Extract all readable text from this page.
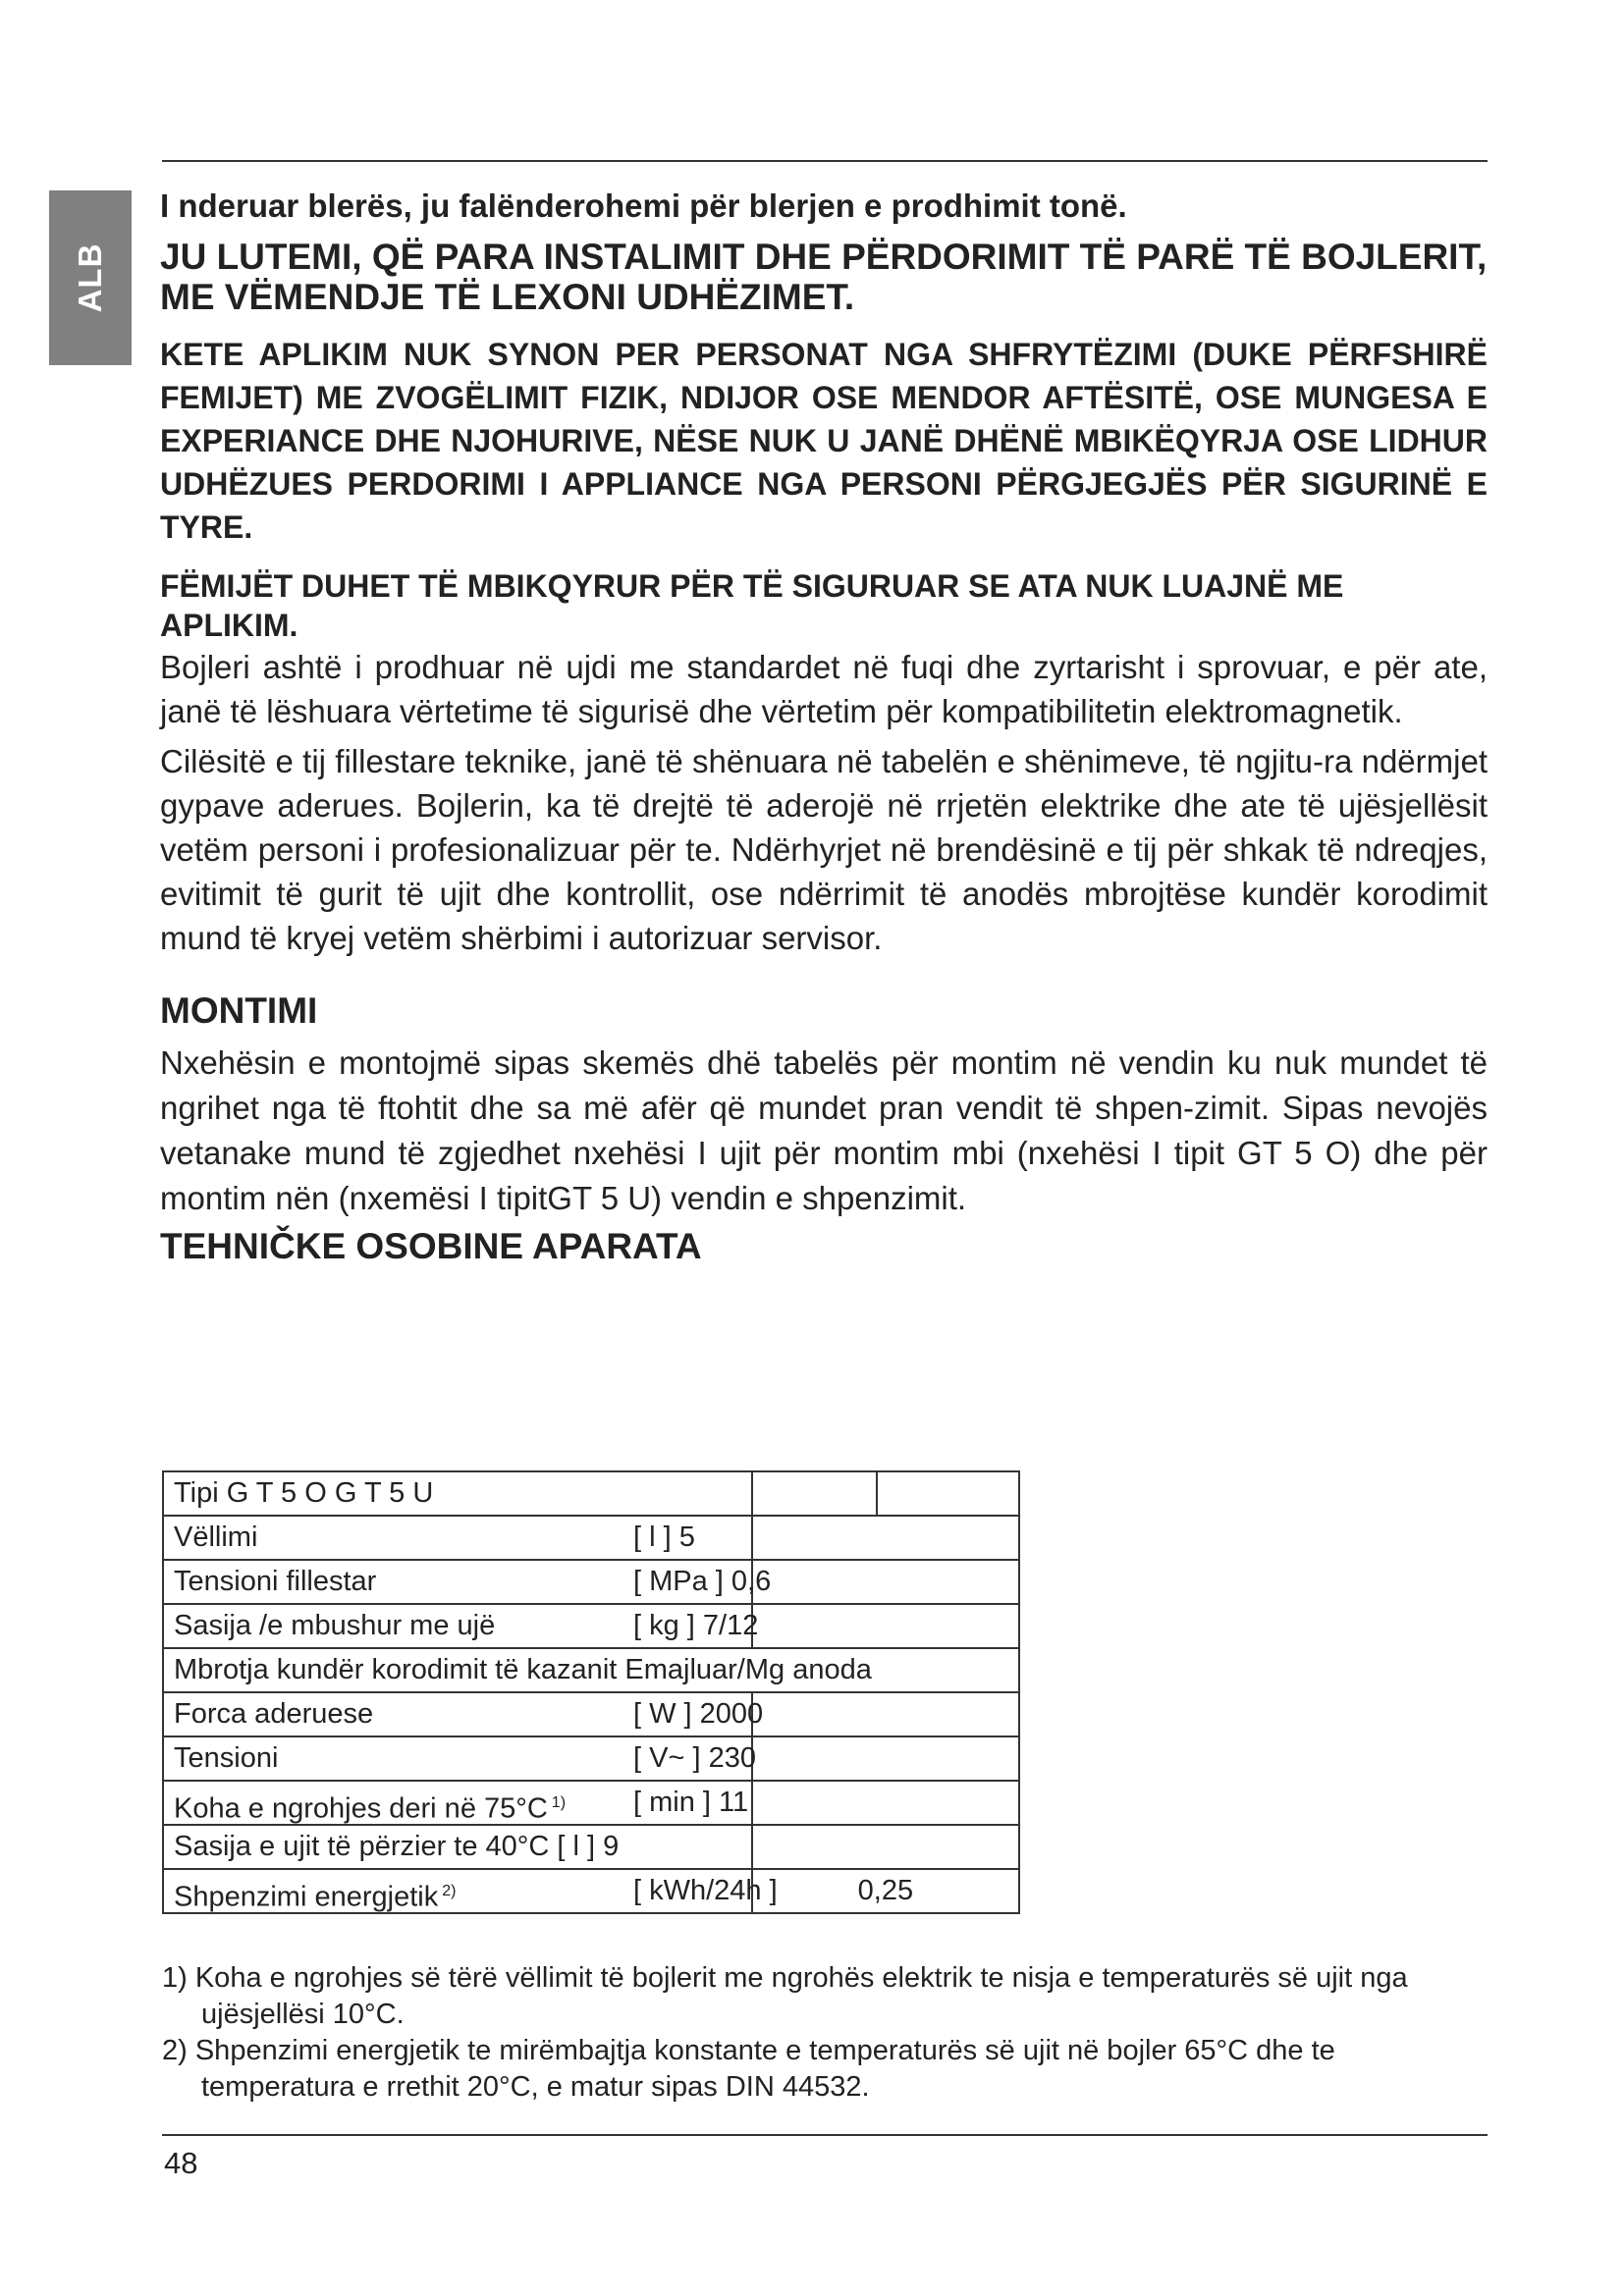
ALB

I nderuar blerës, ju falënderohemi për blerjen e prodhimit tonë.

JU LUTEMI, QË PARA INSTALIMIT DHE PËRDORIMIT TË PARË TË BOJLERIT, ME VËMENDJE TË LEXONI UDHËZIMET.

KETE APLIKIM NUK SYNON PER PERSONAT NGA SHFRYTËZIMI (DUKE PËRFSHIRË FEMIJET) ME ZVOGËLIMIT FIZIK, NDIJOR OSE MENDOR AFTËSITË, OSE MUNGESA E EXPERIANCE DHE NJOHURIVE, NËSE NUK U JANË DHËNË MBIKËQYRJA OSE LIDHUR UDHËZUES PERDORIMI I APPLIANCE NGA PERSONI PËRGJEGJËS PËR SIGURINË E TYRE.

FËMIJËT DUHET TË MBIKQYRUR PËR TË SIGURUAR SE ATA NUK LUAJNË ME APLIKIM.

Bojleri ashtë i prodhuar në ujdi me standardet në fuqi dhe zyrtarisht i sprovuar, e për ate, janë të lëshuara vërtetime të sigurisë dhe vërtetim për kompatibilitetin elektromagnetik.

Cilësitë e tij fillestare teknike, janë të shënuara në tabelën e shënimeve, të ngjitu-ra ndërmjet gypave aderues. Bojlerin, ka të drejtë të aderojë në rrjetën elektrike dhe ate të ujësjellësit vetëm personi i profesionalizuar për te. Ndërhyrjet në brendësinë e tij për shkak të ndreqjes, evitimit të gurit të ujit dhe kontrollit, ose ndërrimit të anodës mbrojtëse kundër korodimit mund të kryej vetëm shërbimi i autorizuar servisor.

MONTIMI

Nxehësin e montojmë sipas skemës dhë tabelës për montim në vendin ku nuk mundet të ngrihet nga të ftohtit dhe sa më afër që mundet pran vendit të shpen-zimit. Sipas nevojës vetanake mund të zgjedhet nxehësi I ujit për montim mbi (nxehësi I tipit GT 5 O) dhe për montim nën (nxemësi I tipitGT 5 U) vendin e shpenzimit.

TEHNIČKE OSOBINE APARATA
Tipi G T 5 O G T 5 U	

Vëllimi [ l ] 5	

Tensioni fillestar [ MPa ] 0,6	

Sasija /e mbushur me ujë [ kg ] 7/12	

Mbrotja kundër korodimit të kazanit Emajluar/Mg anoda	

Forca aderuese [ W ] 2000	

Tensioni [ V~ ] 230	

Koha e ngrohjes deri në 75°C $^{1)}$ [ min ] 11	

Sasija e ujit të përzier te 40°C [ l ] 9	

Shpenzimi energjetik $^{2)}$ [ kWh/24h ]	0,25

1) Koha e ngrohjes së tërë vëllimit të bojlerit me ngrohës elektrik te nisja e temperaturës së ujit nga ujësjellësi 10°C.

2) Shpenzimi energjetik te mirëmbajtja konstante e temperaturës së ujit në bojler 65°C dhe te temperatura e rrethit 20°C, e matur sipas DIN 44532.

48
